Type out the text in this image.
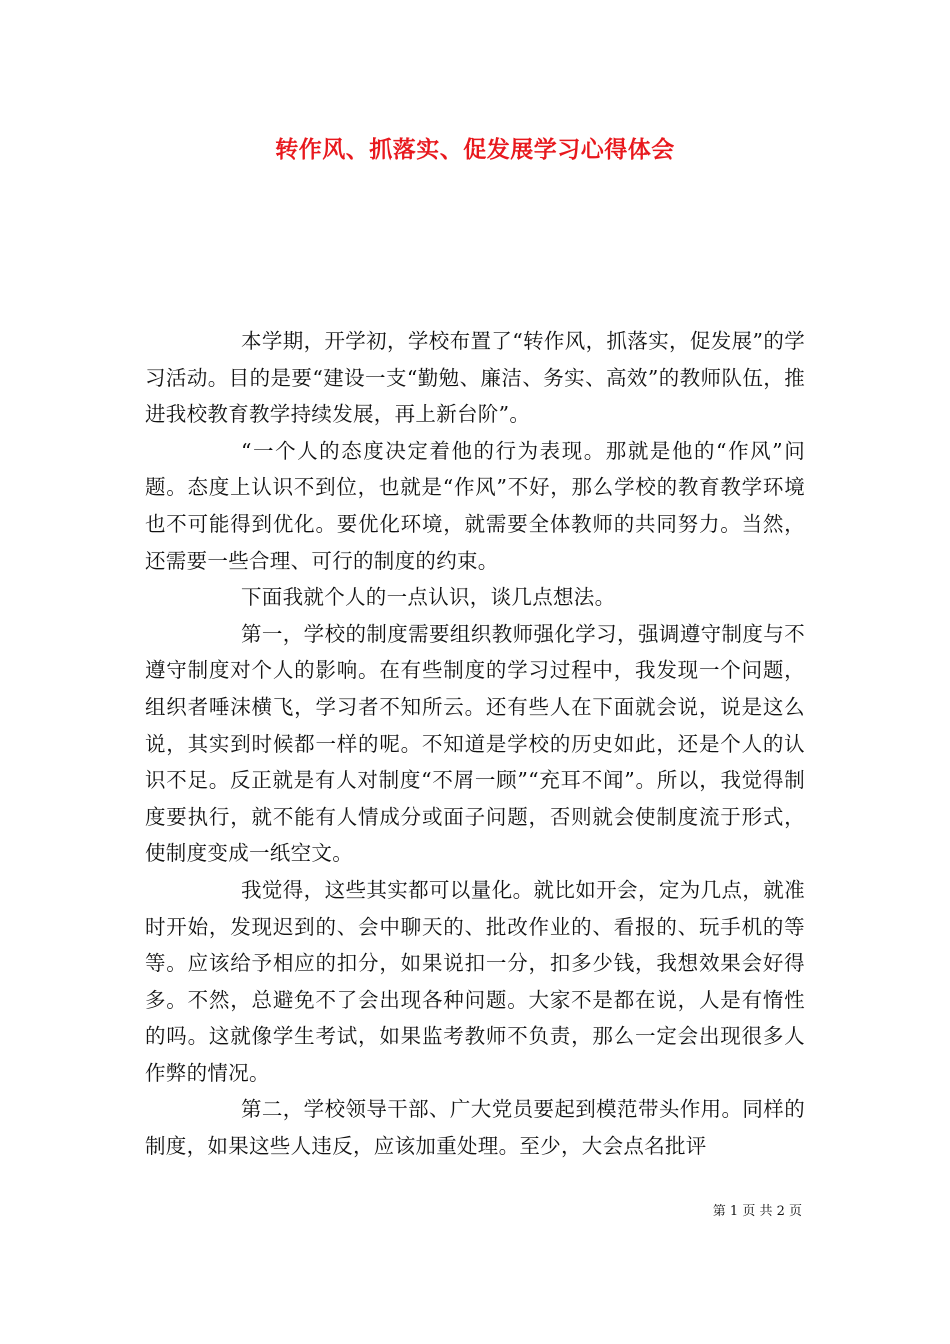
转作风、抓落实、促发展学习心得体会

本学期，开学初，学校布置了“转作风，抓落实，促发展”的学习活动。目的是要“建设一支“勤勉、廉洁、务实、高效”的教师队伍，推进我校教育教学持续发展，再上新台阶”。

“一个人的态度决定着他的行为表现。那就是他的“作风”问题。态度上认识不到位，也就是“作风”不好，那么学校的教育教学环境也不可能得到优化。要优化环境，就需要全体教师的共同努力。当然，还需要一些合理、可行的制度的约束。

下面我就个人的一点认识，谈几点想法。

第一，学校的制度需要组织教师强化学习，强调遵守制度与不遵守制度对个人的影响。在有些制度的学习过程中，我发现一个问题，组织者唾沫横飞，学习者不知所云。还有些人在下面就会说，说是这么说，其实到时候都一样的呢。不知道是学校的历史如此，还是个人的认识不足。反正就是有人对制度“不屑一顾”“充耳不闻”。所以，我觉得制度要执行，就不能有人情成分或面子问题，否则就会使制度流于形式，使制度变成一纸空文。

我觉得，这些其实都可以量化。就比如开会，定为几点，就准时开始，发现迟到的、会中聊天的、批改作业的、看报的、玩手机的等等。应该给予相应的扣分，如果说扣一分，扣多少钱，我想效果会好得多。不然，总避免不了会出现各种问题。大家不是都在说，人是有惰性的吗。这就像学生考试，如果监考教师不负责，那么一定会出现很多人作弊的情况。

第二，学校领导干部、广大党员要起到模范带头作用。同样的制度，如果这些人违反，应该加重处理。至少，大会点名批评

第 1 页 共 2 页
